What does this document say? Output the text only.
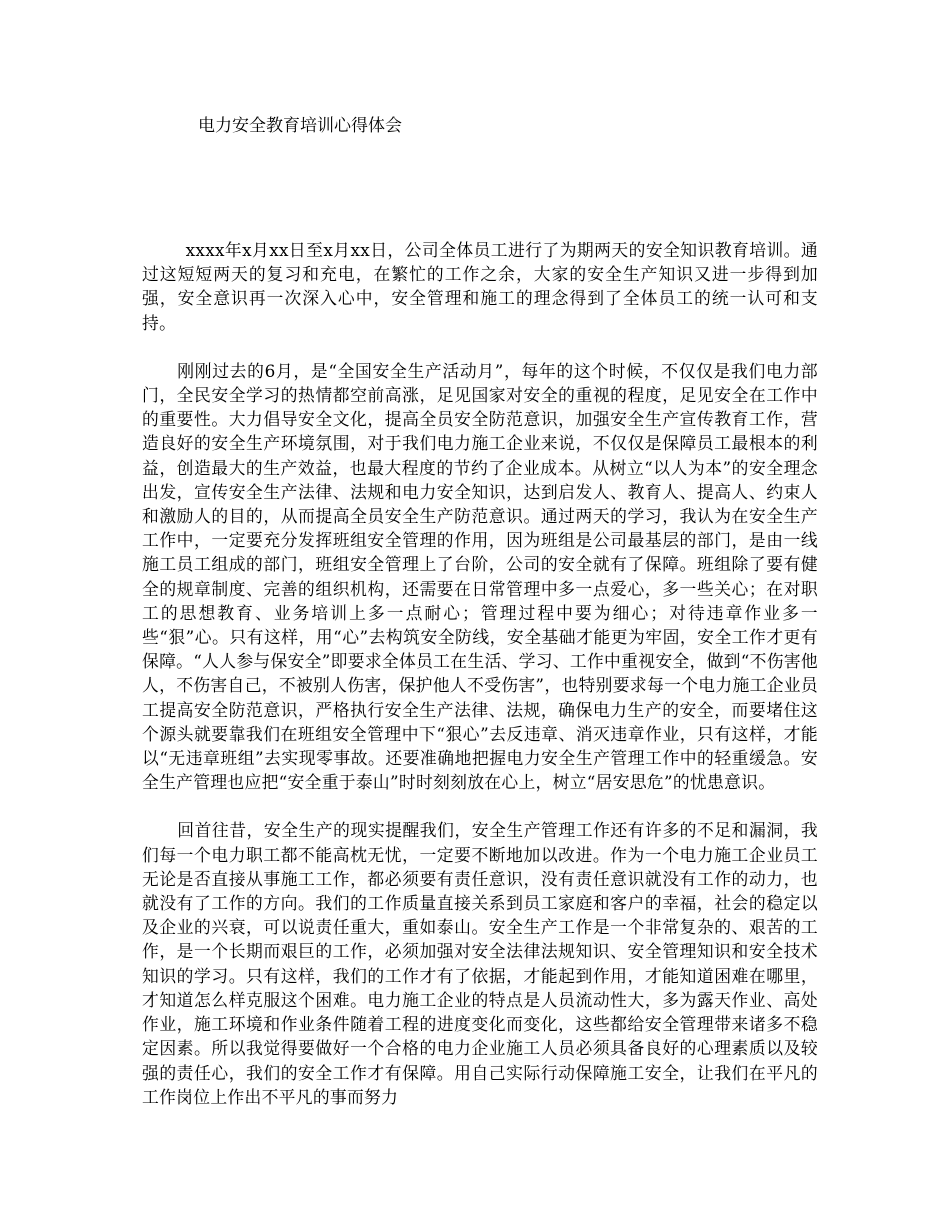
电力安全教育培训心得体会

xxxx年x月xx日至x月xx日，公司全体员工进行了为期两天的安全知识教育培训。通过这短短两天的复习和充电，在繁忙的工作之余，大家的安全生产知识又进一步得到加强，安全意识再一次深入心中，安全管理和施工的理念得到了全体员工的统一认可和支持。

刚刚过去的6月，是“全国安全生产活动月”，每年的这个时候，不仅仅是我们电力部门，全民安全学习的热情都空前高涨，足见国家对安全的重视的程度，足见安全在工作中的重要性。大力倡导安全文化，提高全员安全防范意识，加强安全生产宣传教育工作，营造良好的安全生产环境氛围，对于我们电力施工企业来说，不仅仅是保障员工最根本的利益，创造最大的生产效益，也最大程度的节约了企业成本。从树立“以人为本”的安全理念出发，宣传安全生产法律、法规和电力安全知识，达到启发人、教育人、提高人、约束人和激励人的目的，从而提高全员安全生产防范意识。通过两天的学习，我认为在安全生产工作中，一定要充分发挥班组安全管理的作用，因为班组是公司最基层的部门，是由一线施工员工组成的部门，班组安全管理上了台阶，公司的安全就有了保障。班组除了要有健全的规章制度、完善的组织机构，还需要在日常管理中多一点爱心，多一些关心；在对职工的思想教育、业务培训上多一点耐心；管理过程中要为细心；对待违章作业多一些“狠”心。只有这样，用“心”去构筑安全防线，安全基础才能更为牢固，安全工作才更有保障。“人人参与保安全”即要求全体员工在生活、学习、工作中重视安全，做到“不伤害他人，不伤害自己，不被别人伤害，保护他人不受伤害”，也特别要求每一个电力施工企业员工提高安全防范意识，严格执行安全生产法律、法规，确保电力生产的安全，而要堵住这个源头就要靠我们在班组安全管理中下“狠心”去反违章、消灭违章作业，只有这样，才能以“无违章班组”去实现零事故。还要准确地把握电力安全生产管理工作中的轻重缓急。安全生产管理也应把“安全重于泰山”时时刻刻放在心上，树立“居安思危”的忧患意识。

回首往昔，安全生产的现实提醒我们，安全生产管理工作还有许多的不足和漏洞，我们每一个电力职工都不能高枕无忧，一定要不断地加以改进。作为一个电力施工企业员工无论是否直接从事施工工作，都必须要有责任意识，没有责任意识就没有工作的动力，也就没有了工作的方向。我们的工作质量直接关系到员工家庭和客户的幸福，社会的稳定以及企业的兴衰，可以说责任重大，重如泰山。安全生产工作是一个非常复杂的、艰苦的工作，是一个长期而艰巨的工作，必须加强对安全法律法规知识、安全管理知识和安全技术知识的学习。只有这样，我们的工作才有了依据，才能起到作用，才能知道困难在哪里，才知道怎么样克服这个困难。电力施工企业的特点是人员流动性大，多为露天作业、高处作业，施工环境和作业条件随着工程的进度变化而变化，这些都给安全管理带来诸多不稳定因素。所以我觉得要做好一个合格的电力企业施工人员必须具备良好的心理素质以及较强的责任心，我们的安全工作才有保障。用自己实际行动保障施工安全，让我们在平凡的工作岗位上作出不平凡的事而努力
